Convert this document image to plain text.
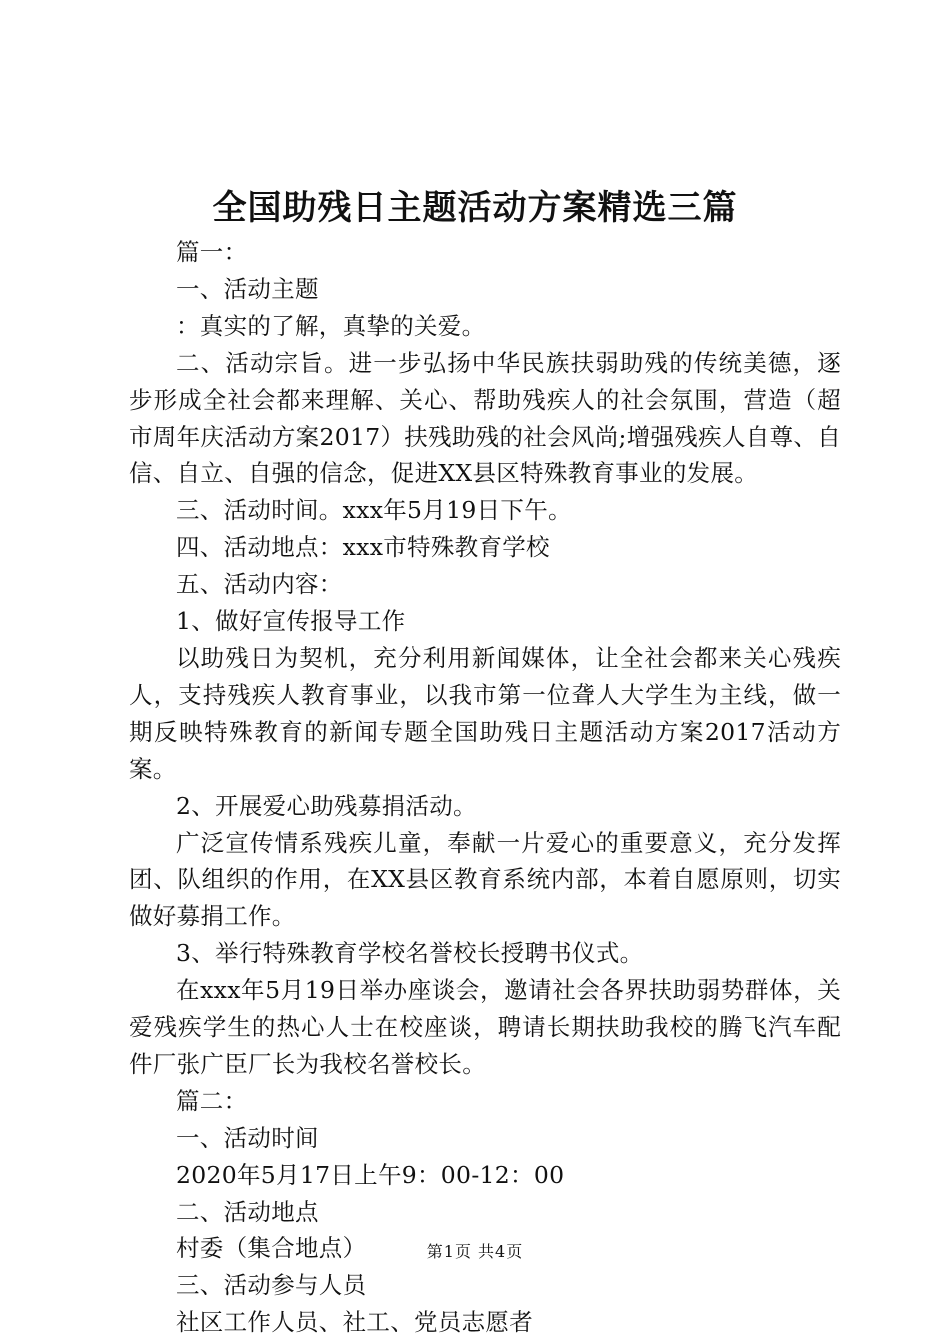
全国助残日主题活动方案精选三篇

篇一：

一、活动主题

：真实的了解，真挚的关爱。

二、活动宗旨。进一步弘扬中华民族扶弱助残的传统美德，逐步形成全社会都来理解、关心、帮助残疾人的社会氛围，营造（超市周年庆活动方案2017）扶残助残的社会风尚;增强残疾人自尊、自信、自立、自强的信念，促进XX县区特殊教育事业的发展。

三、活动时间。xxx年5月19日下午。

四、活动地点：xxx市特殊教育学校

五、活动内容：

1、做好宣传报导工作

以助残日为契机，充分利用新闻媒体，让全社会都来关心残疾人，支持残疾人教育事业，以我市第一位聋人大学生为主线，做一期反映特殊教育的新闻专题全国助残日主题活动方案2017活动方案。

2、开展爱心助残募捐活动。

广泛宣传情系残疾儿童，奉献一片爱心的重要意义，充分发挥团、队组织的作用，在XX县区教育系统内部，本着自愿原则，切实做好募捐工作。

3、举行特殊教育学校名誉校长授聘书仪式。

在xxx年5月19日举办座谈会，邀请社会各界扶助弱势群体，关爱残疾学生的热心人士在校座谈，聘请长期扶助我校的腾飞汽车配件厂张广臣厂长为我校名誉校长。

篇二：

一、活动时间

2020年5月17日上午9：00-12：00

二、活动地点

村委（集合地点）

三、活动参与人员

社区工作人员、社工、党员志愿者

第1页 共4页
